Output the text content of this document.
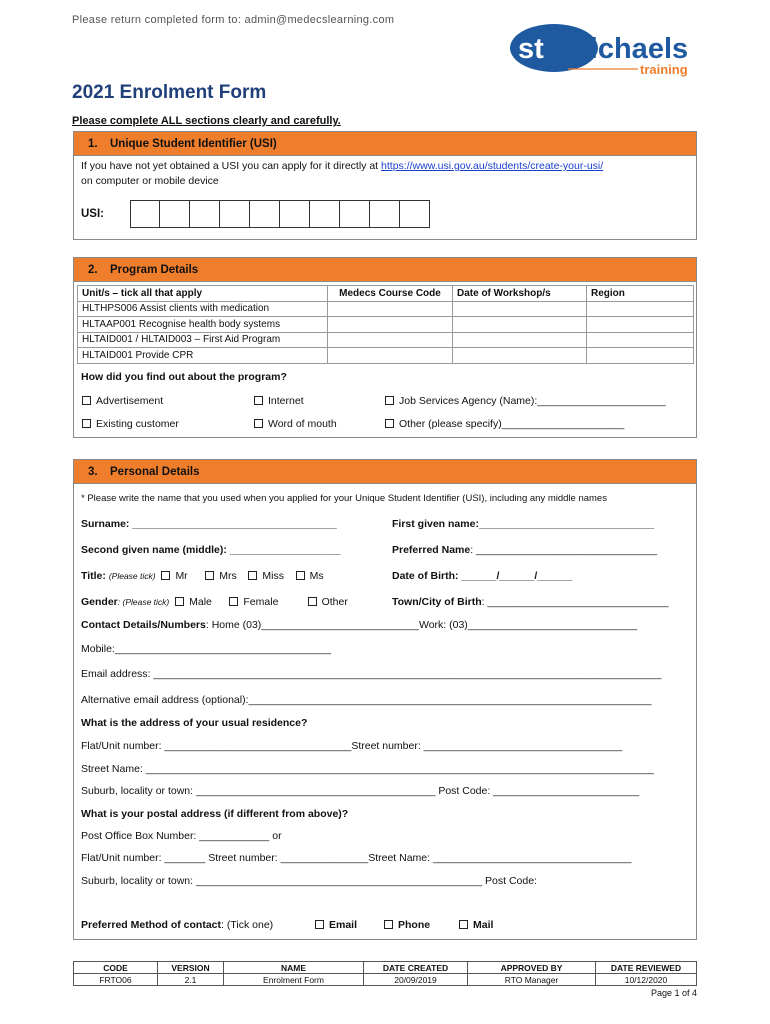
Please return completed form to: admin@medecslearning.com
st michaels
training
2021 Enrolment Form
Please complete ALL sections clearly and carefully.
1. Unique Student Identifier (USI)
If you have not yet obtained a USI you can apply for it directly at https://www.usi.gov.au/students/create-your-usi/
on computer or mobile device
USI:
2. Program Details
Unit/s – tick all that apply	Medecs Course Code	Date of Workshop/s	Region
HLTHPS006 Assist clients with medication			
HLTAAP001 Recognise health body systems			
HLTAID001 / HLTAID003 – First Aid Program			
HLTAID001 Provide CPR			
How did you find out about the program?
Advertisement	Internet	Job Services Agency (Name):______________________
Existing customer	Word of mouth	Other (please specify)_____________________
3. Personal Details
* Please write the name that you used when you applied for your Unique Student Identifier (USI), including any middle names
Surname: ___________________________________	First given name:______________________________
Second given name (middle): ___________________	Preferred Name: _______________________________
Title: (Please tick) Mr	Mrs Miss Ms	Date of Birth: ______/______/______
Gender: (Please tick) Male	Female	Other	Town/City of Birth: _______________________________
Contact Details/Numbers: Home (03)___________________________Work: (03)_____________________________
Mobile:_____________________________________
Email address: _______________________________________________________________________________________
Alternative email address (optional):_____________________________________________________________________
What is the address of your usual residence?
Flat/Unit number: ________________________________Street number: __________________________________
Street Name: _______________________________________________________________________________________
Suburb, locality or town: _________________________________________ Post Code: _________________________
What is your postal address (if different from above)?
Post Office Box Number: ____________ or
Flat/Unit number: _______ Street number: _______________Street Name: __________________________________
Suburb, locality or town: _________________________________________________ Post Code:
Preferred Method of contact: (Tick one)	Email	Phone	Mail
CODE	VERSION	NAME	DATE CREATED	APPROVED BY	DATE REVIEWED
FRTO06	2.1	Enrolment Form	20/09/2019	RTO Manager	10/12/2020
Page 1 of 4
